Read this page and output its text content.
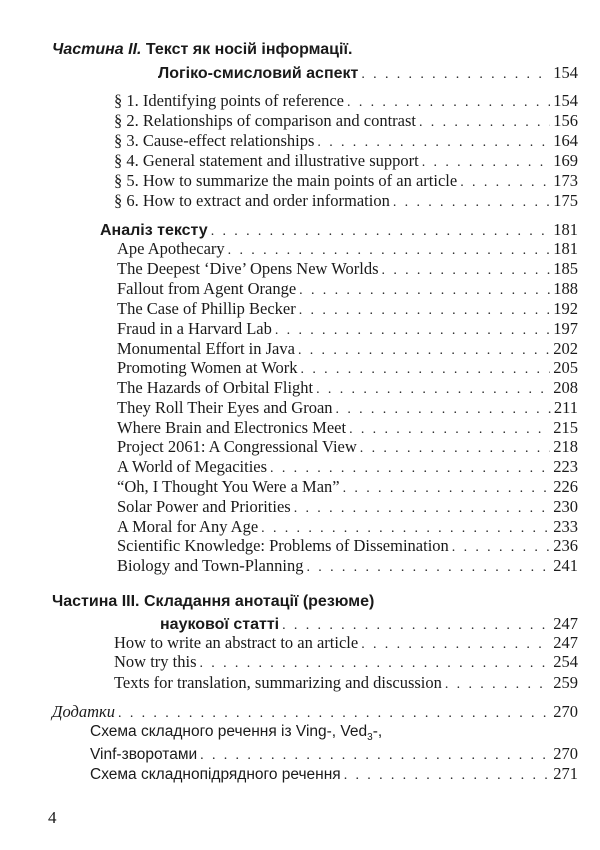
Частина II. Текст як носій інформації.
Логіко-смисловий аспект . . .	154
§ 1. Identifying points of reference . . .	154
§ 2. Relationships of comparison and contrast . . .	156
§ 3. Cause-effect relationships . . .	164
§ 4. General statement and illustrative support . . .	169
§ 5. How to summarize the main points of an article . . .	173
§ 6. How to extract and order information . . .	175
Аналіз тексту . . .	181
Ape Apothecary . . .	181
The Deepest ‘Dive’ Opens New Worlds . . .	185
Fallout from Agent Orange . . .	188
The Case of Phillip Becker . . .	192
Fraud in a Harvard Lab . . .	197
Monumental Effort in Java . . .	202
Promoting Women at Work . . .	205
The Hazards of Orbital Flight . . .	208
They Roll Their Eyes and Groan . . .	211
Where Brain and Electronics Meet . . .	215
Project 2061: A Congressional View . . .	218
A World of Megacities . . .	223
“Oh, I Thought You Were a Man” . . .	226
Solar Power and Priorities . . .	230
A Moral for Any Age . . .	233
Scientific Knowledge: Problems of Dissemination . . .	236
Biology and Town-Planning . . .	241
Частина III. Складання анотації (резюме)
наукової статті . . .	247
How to write an abstract to an article . . .	247
Now try this . . .	254
Texts for translation, summarizing and discussion . . .	259
Додатки . . .	270
Схема складного речення із Ving-, Ved$_3$-,
Vinf-зворотами . . .	270
Схема складнопідрядного речення . . .	271
4
